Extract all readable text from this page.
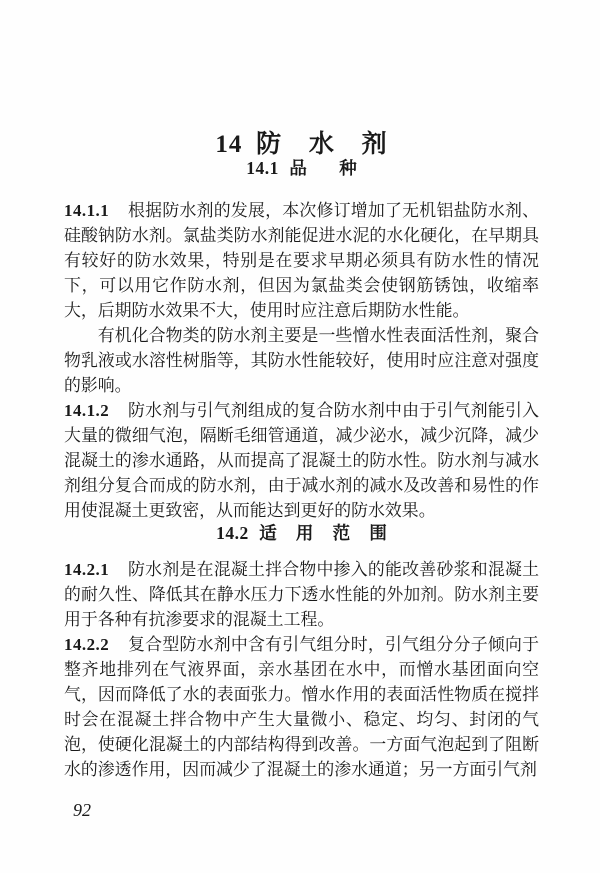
14 防 水 剂
14.1 品 种

14.1.1 根据防水剂的发展，本次修订增加了无机铝盐防水剂、硅酸钠防水剂。氯盐类防水剂能促进水泥的水化硬化，在早期具有较好的防水效果，特别是在要求早期必须具有防水性的情况下，可以用它作防水剂，但因为氯盐类会使钢筋锈蚀，收缩率大，后期防水效果不大，使用时应注意后期防水性能。

有机化合物类的防水剂主要是一些憎水性表面活性剂，聚合物乳液或水溶性树脂等，其防水性能较好，使用时应注意对强度的影响。

14.1.2 防水剂与引气剂组成的复合防水剂中由于引气剂能引入大量的微细气泡，隔断毛细管通道，减少泌水，减少沉降，减少混凝土的渗水通路，从而提高了混凝土的防水性。防水剂与减水剂组分复合而成的防水剂，由于减水剂的减水及改善和易性的作用使混凝土更致密，从而能达到更好的防水效果。

14.2 适 用 范 围

14.2.1 防水剂是在混凝土拌合物中掺入的能改善砂浆和混凝土的耐久性、降低其在静水压力下透水性能的外加剂。防水剂主要用于各种有抗渗要求的混凝土工程。

14.2.2 复合型防水剂中含有引气组分时，引气组分分子倾向于整齐地排列在气液界面，亲水基团在水中，而憎水基团面向空气，因而降低了水的表面张力。憎水作用的表面活性物质在搅拌时会在混凝土拌合物中产生大量微小、稳定、均匀、封闭的气泡，使硬化混凝土的内部结构得到改善。一方面气泡起到了阻断水的渗透作用，因而减少了混凝土的渗水通道；另一方面引气剂

92
